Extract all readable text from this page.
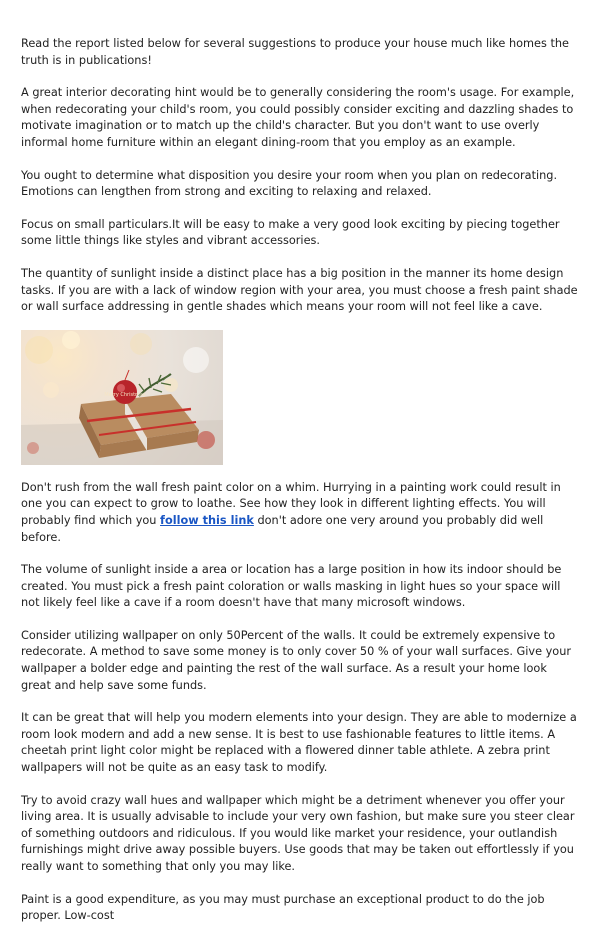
Read the report listed below for several suggestions to produce your house much like homes the truth is in publications!

A great interior decorating hint would be to generally considering the room's usage. For example, when redecorating your child's room, you could possibly consider exciting and dazzling shades to motivate imagination or to match up the child's character. But you don't want to use overly informal home furniture within an elegant dining-room that you employ as an example.

You ought to determine what disposition you desire your room when you plan on redecorating. Emotions can lengthen from strong and exciting to relaxing and relaxed.

Focus on small particulars.It will be easy to make a very good look exciting by piecing together some little things like styles and vibrant accessories.

The quantity of sunlight inside a distinct place has a big position in the manner its home design tasks. If you are with a lack of window region with your area, you must choose a fresh paint shade or wall surface addressing in gentle shades which means your room will not feel like a cave.

Merry Christmas

Don't rush from the wall fresh paint color on a whim. Hurrying in a painting work could result in one you can expect to grow to loathe. See how they look in different lighting effects. You will probably find which you follow this link don't adore one very around you probably did well before.

The volume of sunlight inside a area or location has a large position in how its indoor should be created. You must pick a fresh paint coloration or walls masking in light hues so your space will not likely feel like a cave if a room doesn't have that many microsoft windows.

Consider utilizing wallpaper on only 50Percent of the walls. It could be extremely expensive to redecorate. A method to save some money is to only cover 50 % of your wall surfaces. Give your wallpaper a bolder edge and painting the rest of the wall surface. As a result your home look great and help save some funds.

It can be great that will help you modern elements into your design. They are able to modernize a room look modern and add a new sense. It is best to use fashionable features to little items. A cheetah print light color might be replaced with a flowered dinner table athlete. A zebra print wallpapers will not be quite as an easy task to modify.

Try to avoid crazy wall hues and wallpaper which might be a detriment whenever you offer your living area. It is usually advisable to include your very own fashion, but make sure you steer clear of something outdoors and ridiculous. If you would like market your residence, your outlandish furnishings might drive away possible buyers. Use goods that may be taken out effortlessly if you really want to something that only you may like.

Paint is a good expenditure, as you may must purchase an exceptional product to do the job proper. Low-cost
